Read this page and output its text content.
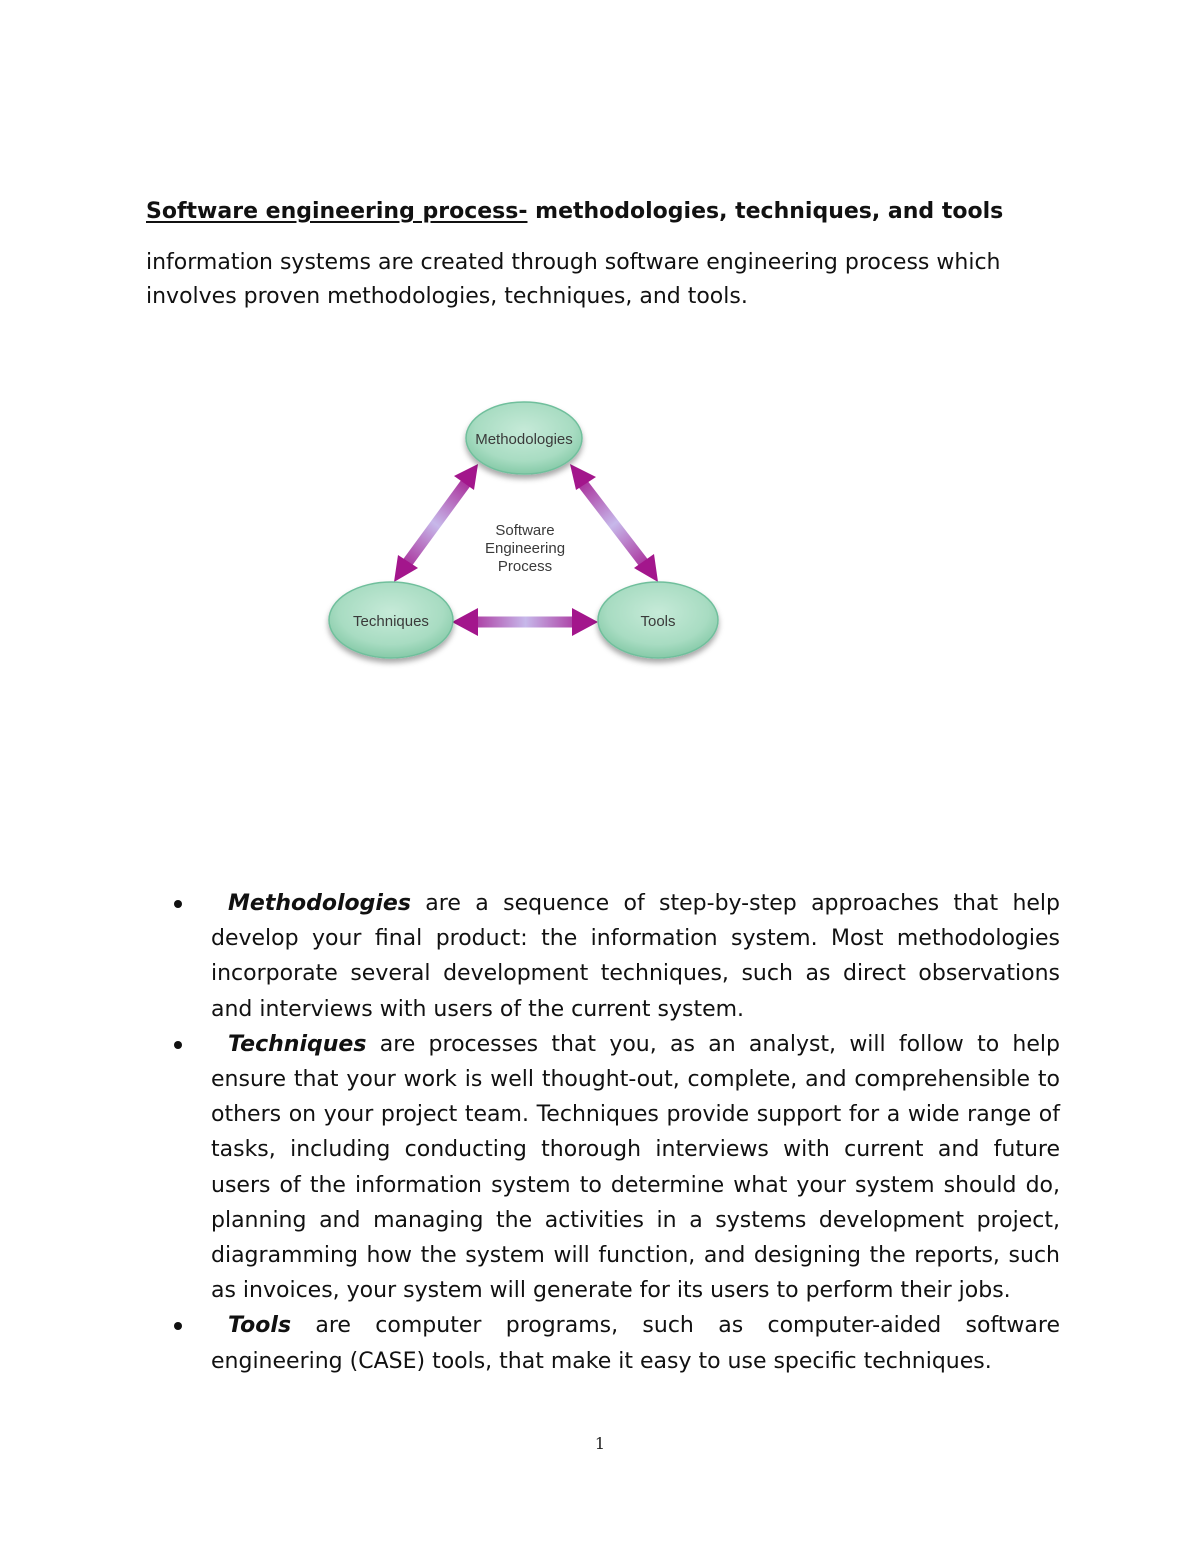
Software engineering process- methodologies, techniques, and tools
information systems are created through software engineering process which involves proven methodologies, techniques, and tools.
Methodologies
Techniques	Tools
Software
Engineering
Process
Methodologies are a sequence of step-by-step approaches that help develop your final product: the information system. Most methodologies incorporate several development techniques, such as direct observations and interviews with users of the current system.
Techniques are processes that you, as an analyst, will follow to help ensure that your work is well thought-out, complete, and comprehensible to others on your project team. Techniques provide support for a wide range of tasks, including conducting thorough interviews with current and future users of the information system to determine what your system should do, planning and managing the activities in a systems development project, diagramming how the system will function, and designing the reports, such as invoices, your system will generate for its users to perform their jobs.
Tools are computer programs, such as computer-aided software engineering (CASE) tools, that make it easy to use specific techniques.
1
